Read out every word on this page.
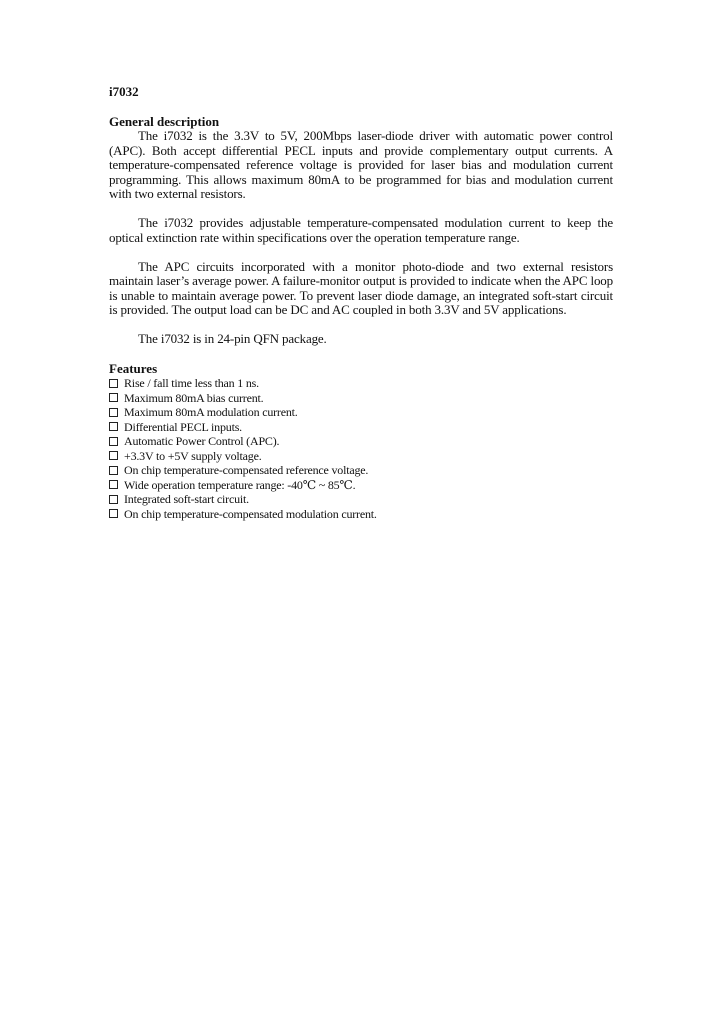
i7032
General description

The i7032 is the 3.3V to 5V, 200Mbps laser-diode driver with automatic power control (APC). Both accept differential PECL inputs and provide complementary output currents. A temperature-compensated reference voltage is provided for laser bias and modulation current programming. This allows maximum 80mA to be programmed for bias and modulation current with two external resistors.

The i7032 provides adjustable temperature-compensated modulation current to keep the optical extinction rate within specifications over the operation temperature range.

The APC circuits incorporated with a monitor photo-diode and two external resistors maintain laser’s average power. A failure-monitor output is provided to indicate when the APC loop is unable to maintain average power. To prevent laser diode damage, an integrated soft-start circuit is provided. The output load can be DC and AC coupled in both 3.3V and 5V applications.

The i7032 is in 24-pin QFN package.

Features
Rise / fall time less than 1 ns.
Maximum 80mA bias current.
Maximum 80mA modulation current.
Differential PECL inputs.
Automatic Power Control (APC).
+3.3V to +5V supply voltage.
On chip temperature-compensated reference voltage.
Wide operation temperature range: -40℃ ~ 85℃.
Integrated soft-start circuit.
On chip temperature-compensated modulation current.
